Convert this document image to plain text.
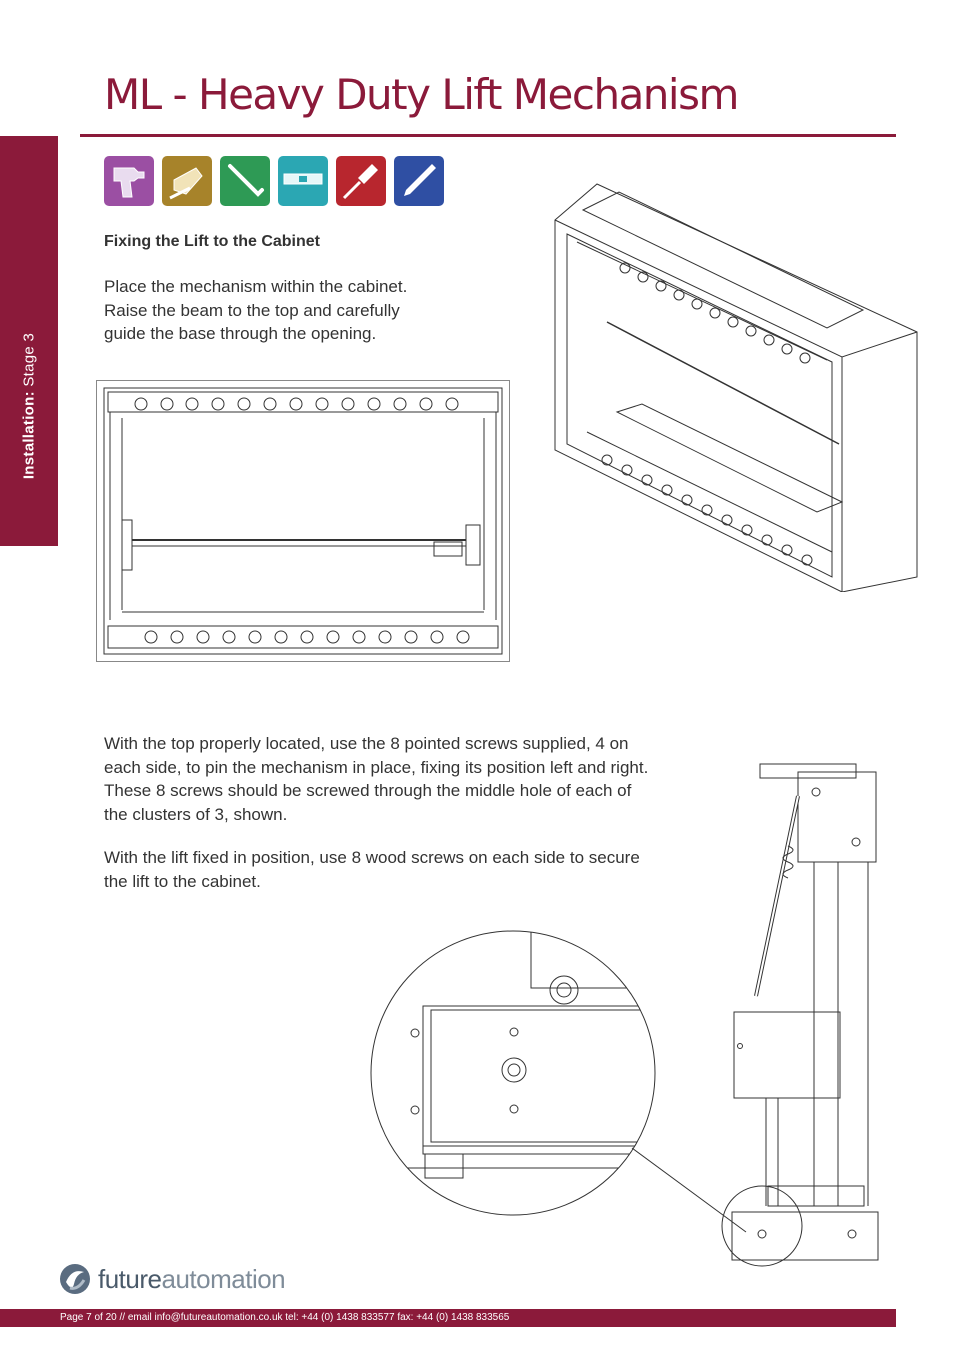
ML - Heavy Duty Lift Mechanism
Installation: Stage 3
Fixing the Lift to the Cabinet

Place the mechanism within the cabinet.
Raise the beam to the top and carefully
guide the base through the opening.

With the top properly located, use the 8 pointed screws supplied, 4 on
each side, to pin the mechanism in place, fixing its position left and right.
These 8 screws should be screwed through the middle hole of each of
the clusters of 3, shown.

With the lift fixed in position, use 8 wood screws on each side to secure
the lift to the cabinet.

futureautomation
Page 7 of 20 // email info@futureautomation.co.uk tel: +44 (0) 1438 833577 fax: +44 (0) 1438 833565
